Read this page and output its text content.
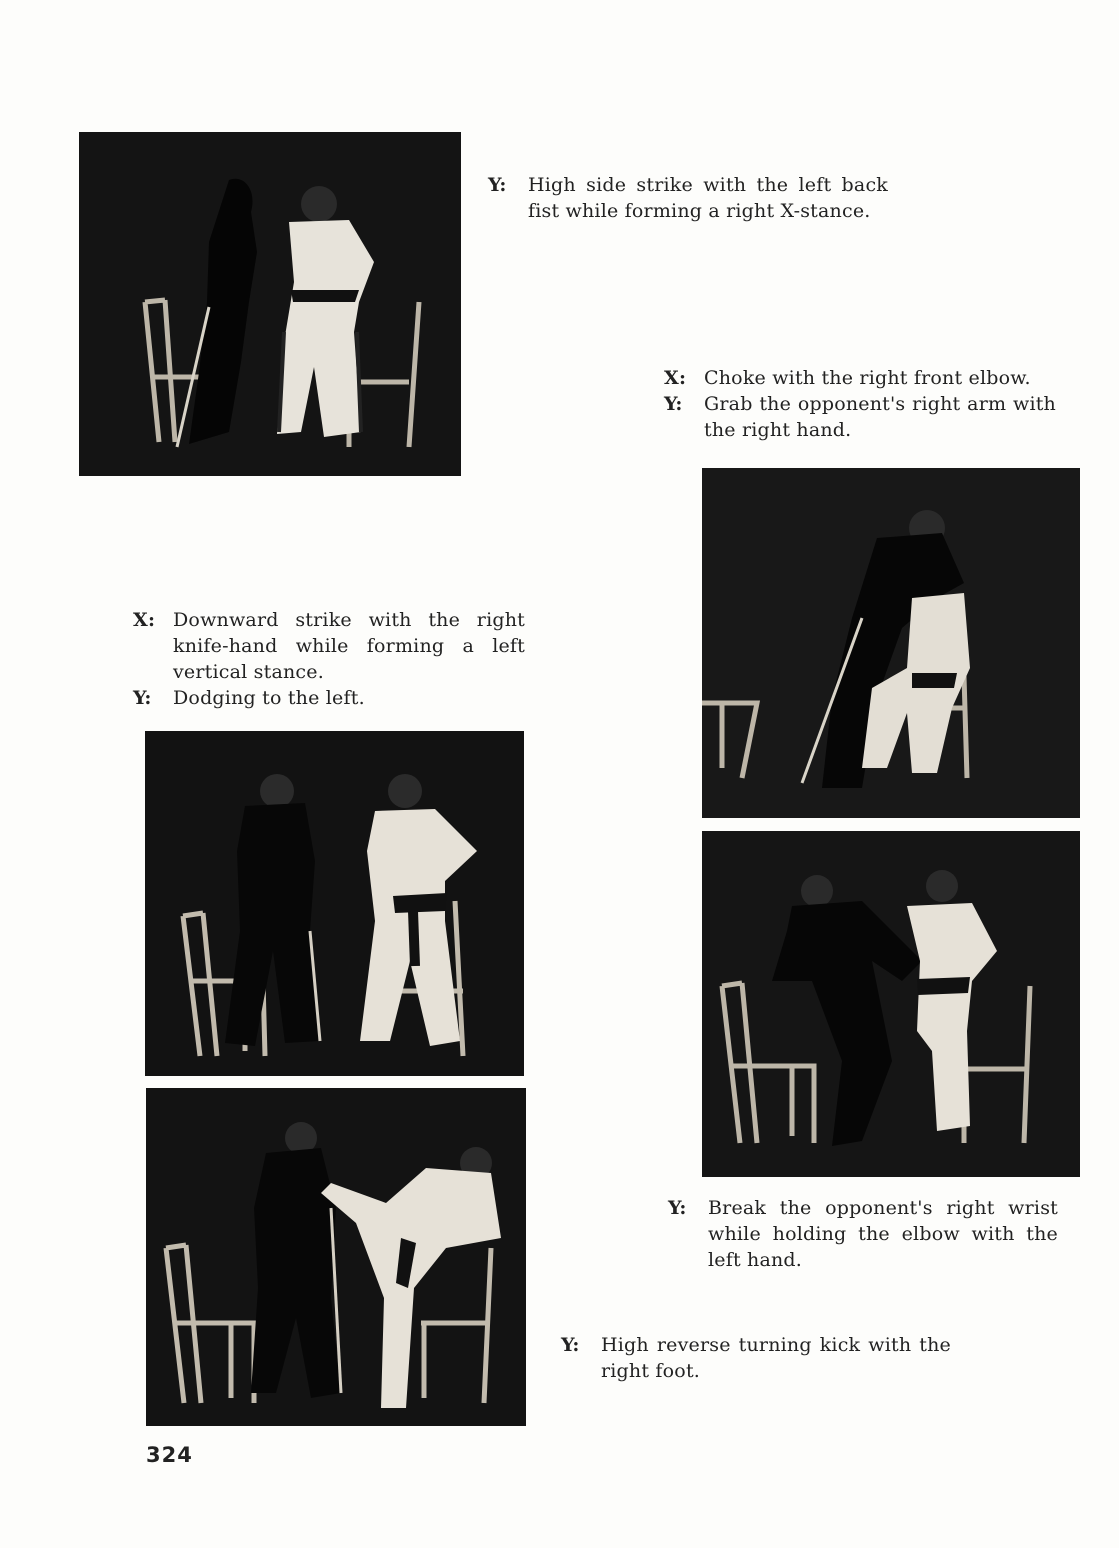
Y:	High side strike with the left back fist while forming a right X-stance.
X: Choke with the right front elbow.
Y:	Grab the opponent's right arm with the right hand.
X: Downward strike with the right knife-hand while forming a left vertical stance.
Y:	Dodging to the left.
Y:	Break the opponent's right wrist while holding the elbow with the left hand.
Y:	High reverse turning kick with the right foot.
324
